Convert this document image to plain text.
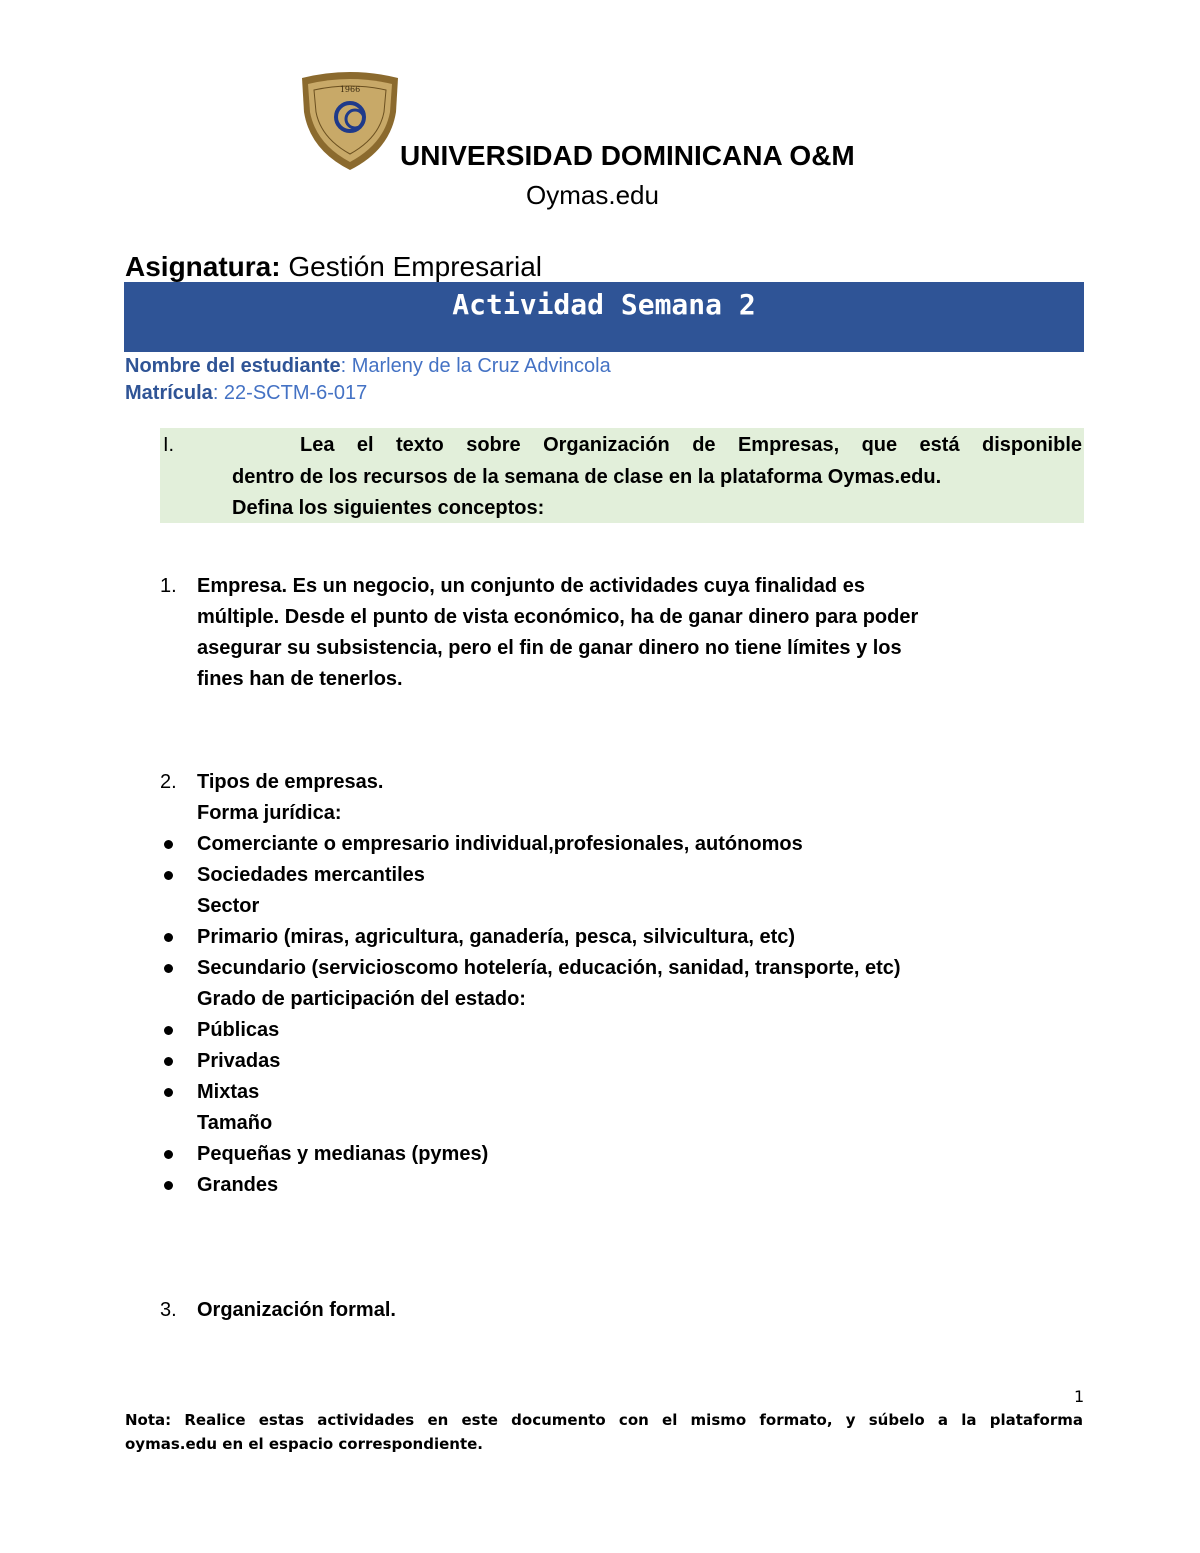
1966
UNIVERSIDAD DOMINICANA O&M
Oymas.edu
Asignatura: Gestión Empresarial
Actividad Semana 2
Nombre del estudiante: Marleny de la Cruz Advincola
Matrícula: 22-SCTM-6-017
I.	Lea el texto sobre Organización de Empresas, que está disponible
dentro de los recursos de la semana de clase en la plataforma Oymas.edu.
Defina los siguientes conceptos:
1. Empresa. Es un negocio, un conjunto de actividades cuya finalidad es
múltiple. Desde el punto de vista económico, ha de ganar dinero para poder
asegurar su subsistencia, pero el fin de ganar dinero no tiene límites y los
fines han de tenerlos.
2. Tipos de empresas.
Forma jurídica:
Comerciante o empresario individual,profesionales, autónomos
Sociedades mercantiles
Sector
Primario (miras, agricultura, ganadería, pesca, silvicultura, etc)
Secundario (servicioscomo hotelería, educación, sanidad, transporte, etc)
Grado de participación del estado:
Públicas
Privadas
Mixtas
Tamaño
Pequeñas y medianas (pymes)
Grandes
3. Organización formal.
1
Nota: Realice estas actividades en este documento con el mismo formato, y súbelo a la plataforma
oymas.edu en el espacio correspondiente.
